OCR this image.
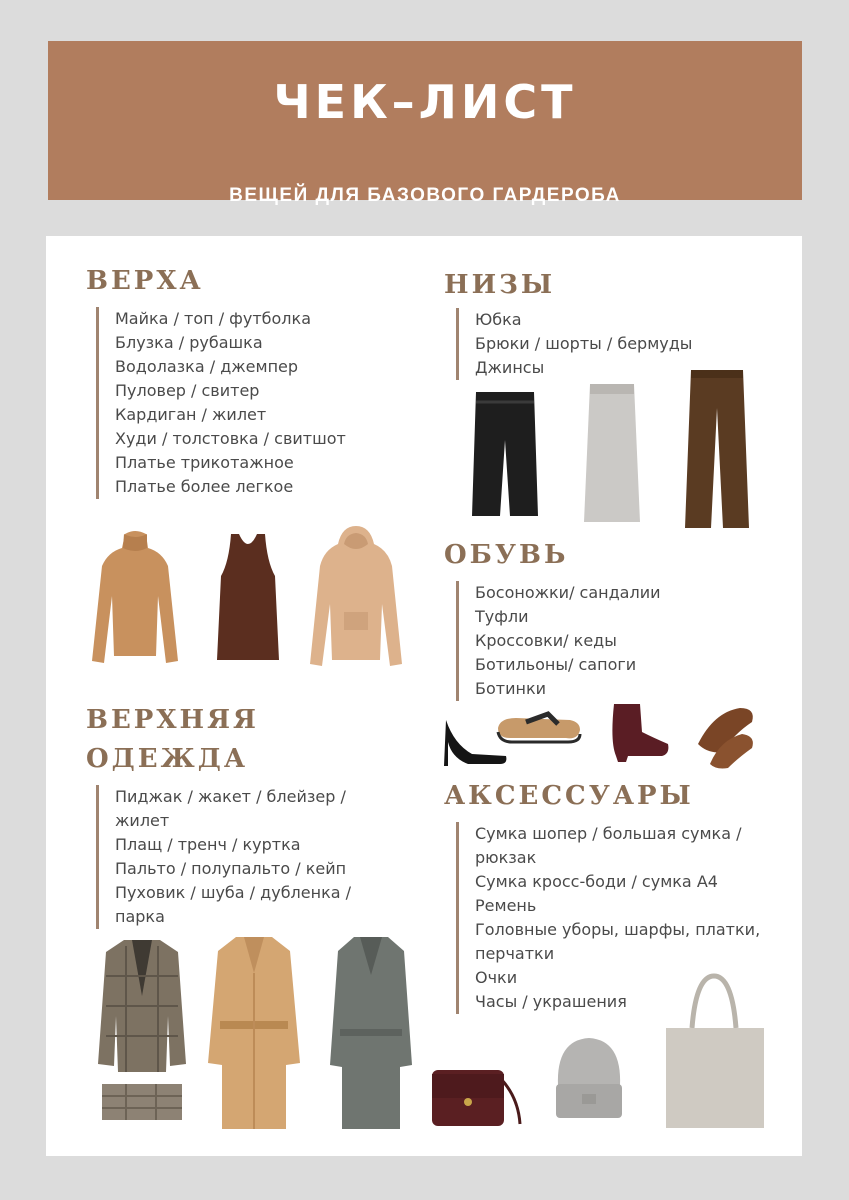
ЧЕК–ЛИСТ
ВЕЩЕЙ ДЛЯ БАЗОВОГО ГАРДЕРОБА
ВЕРХА
Майка / топ / футболка
Блузка / рубашка
Водолазка / джемпер
Пуловер / свитер
Кардиган / жилет
Худи / толстовка / свитшот
Платье трикотажное
Платье более легкое
ВЕРХНЯЯ
ОДЕЖДА
Пиджак / жакет / блейзер /
жилет
Плащ / тренч / куртка
Пальто / полупальто / кейп
Пуховик / шуба / дубленка /
парка
НИЗЫ
Юбка
Брюки / шорты / бермуды
Джинсы
ОБУВЬ
Босоножки/ сандалии
Туфли
Кроссовки/ кеды
Ботильоны/ сапоги
Ботинки
АКСЕССУАРЫ
Сумка шопер / большая сумка /
рюкзак
Сумка кросс-боди / сумка А4
Ремень
Головные уборы, шарфы, платки,
перчатки
Очки
Часы / украшения
